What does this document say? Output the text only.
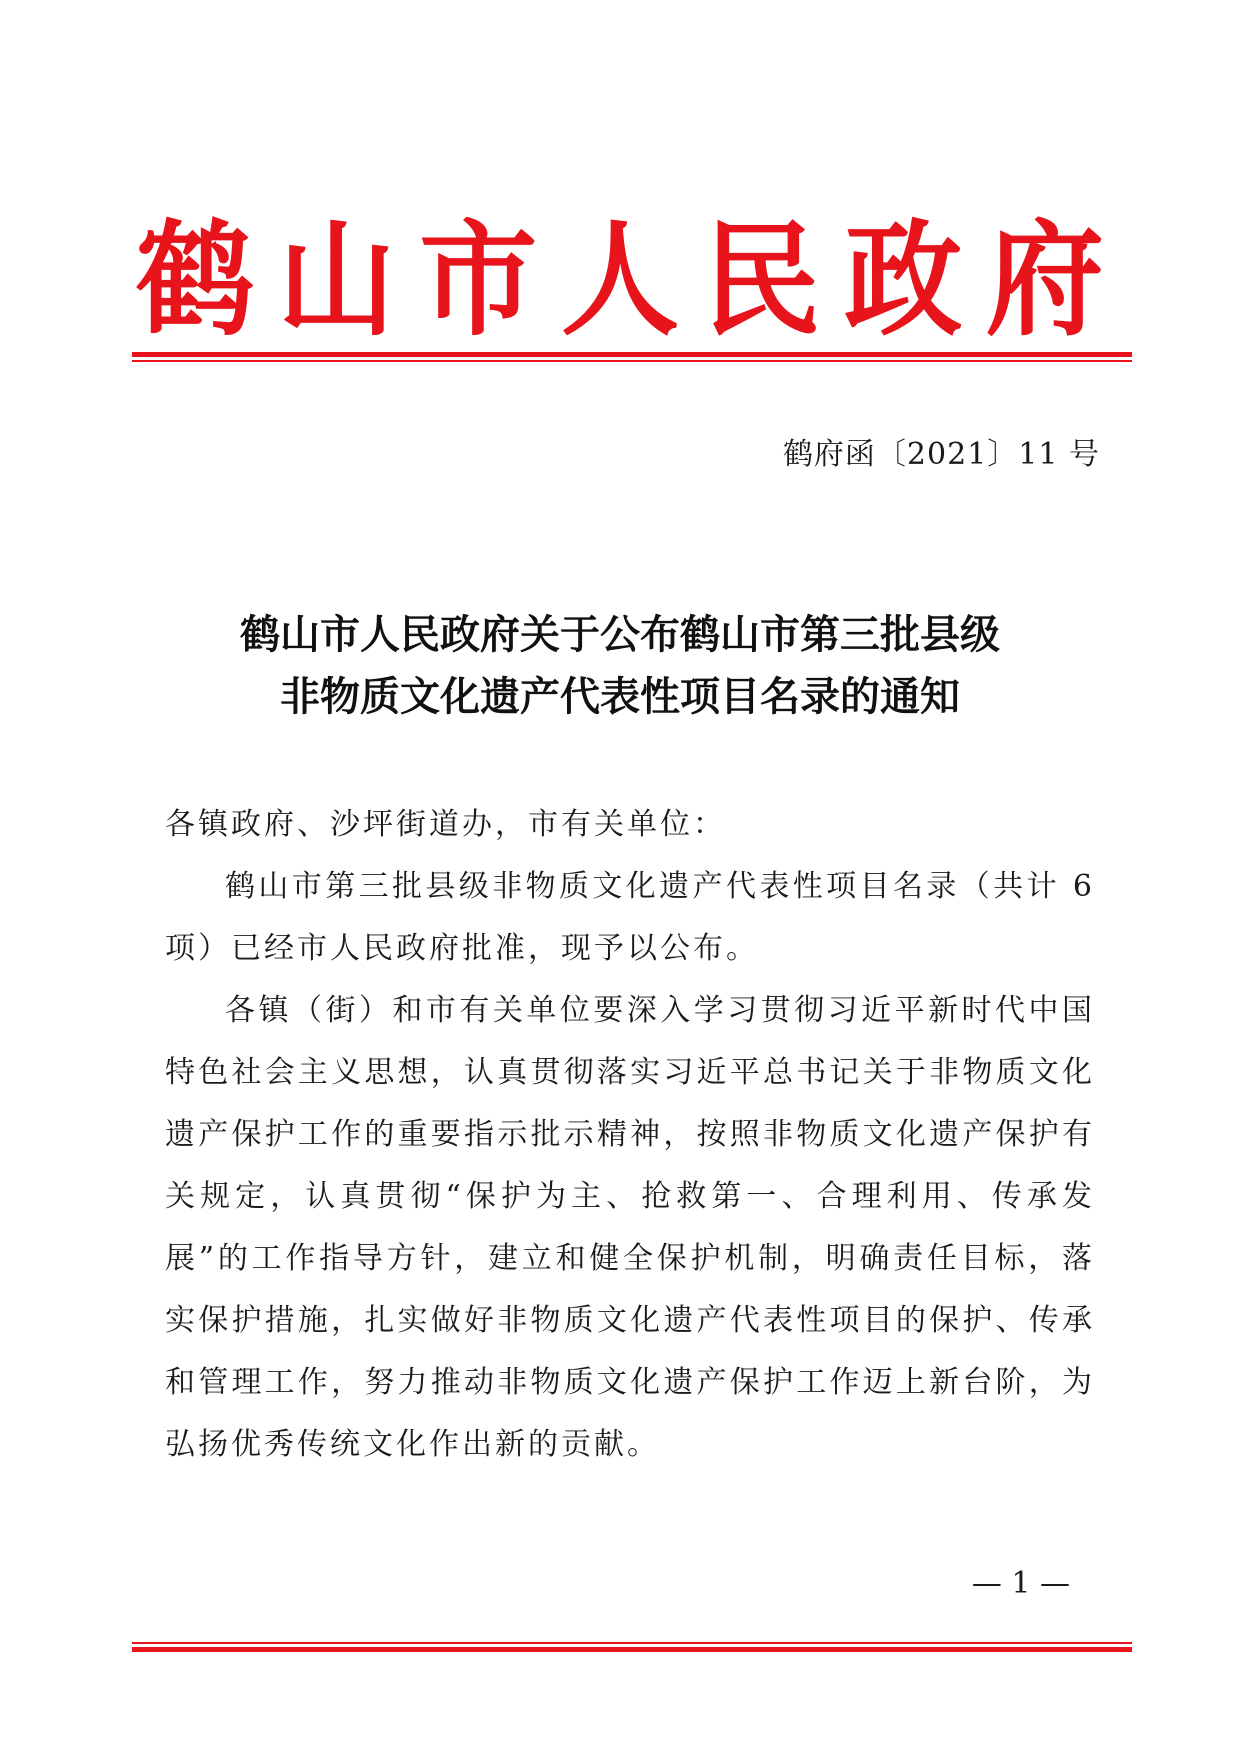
鹤 山 市 人 民 政 府
鹤府函〔2021〕11 号
鹤山市人民政府关于公布鹤山市第三批县级
非物质文化遗产代表性项目名录的通知
各镇政府、沙坪街道办，市有关单位：
鹤山市第三批县级非物质文化遗产代表性项目名录（共计 6 项）已经市人民政府批准，现予以公布。
各镇（街）和市有关单位要深入学习贯彻习近平新时代中国特色社会主义思想，认真贯彻落实习近平总书记关于非物质文化遗产保护工作的重要指示批示精神，按照非物质文化遗产保护有关规定，认真贯彻“保护为主、抢救第一、合理利用、传承发展”的工作指导方针，建立和健全保护机制，明确责任目标，落实保护措施，扎实做好非物质文化遗产代表性项目的保护、传承和管理工作，努力推动非物质文化遗产保护工作迈上新台阶，为弘扬优秀传统文化作出新的贡献。
— 1 —
